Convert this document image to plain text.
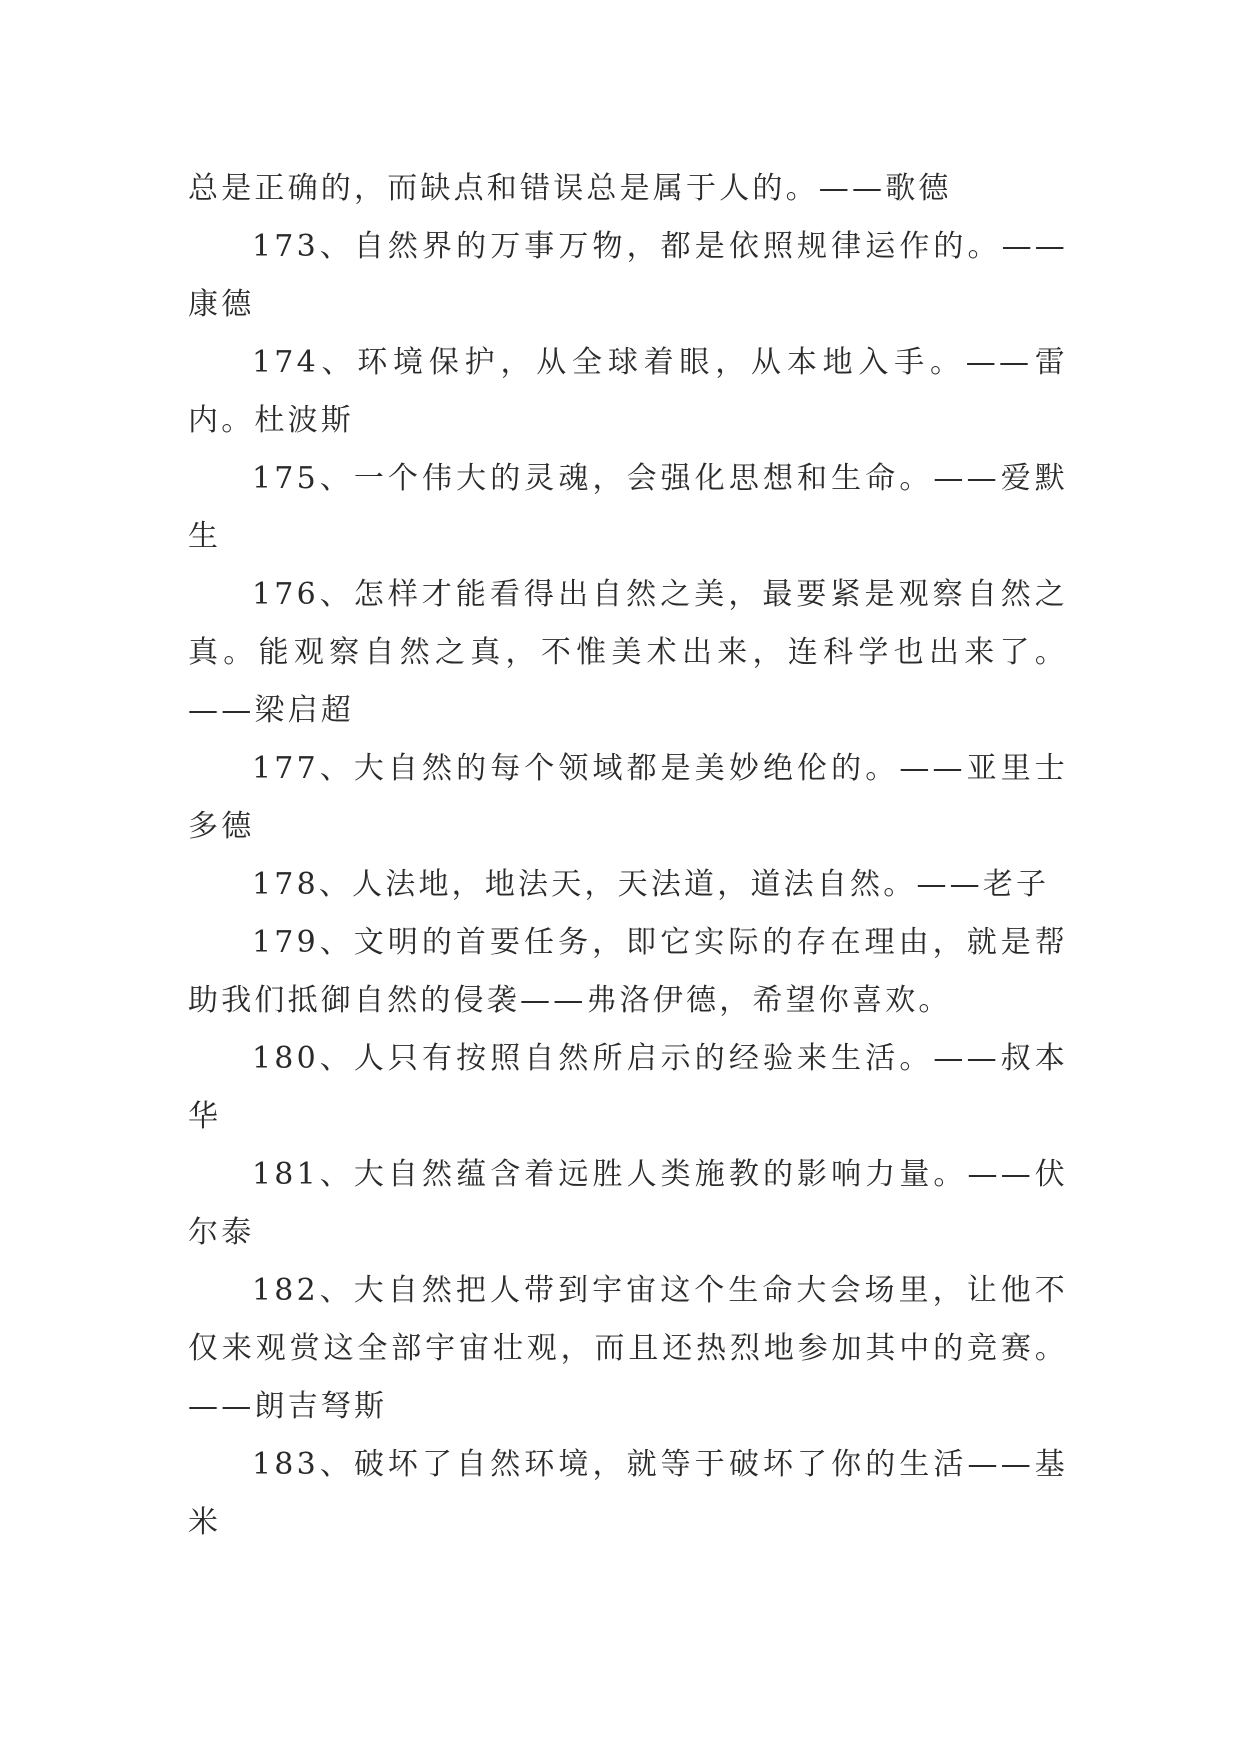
总是正确的，而缺点和错误总是属于人的。——歌德

173、自然界的万事万物，都是依照规律运作的。——康德

174、环境保护，从全球着眼，从本地入手。——雷内。杜波斯

175、一个伟大的灵魂，会强化思想和生命。——爱默生

176、怎样才能看得出自然之美，最要紧是观察自然之真。能观察自然之真，不惟美术出来，连科学也出来了。——梁启超

177、大自然的每个领域都是美妙绝伦的。——亚里士多德

178、人法地，地法天，天法道，道法自然。——老子

179、文明的首要任务，即它实际的存在理由，就是帮助我们抵御自然的侵袭——弗洛伊德，希望你喜欢。

180、人只有按照自然所启示的经验来生活。——叔本华

181、大自然蕴含着远胜人类施教的影响力量。——伏尔泰

182、大自然把人带到宇宙这个生命大会场里，让他不仅来观赏这全部宇宙壮观，而且还热烈地参加其中的竞赛。——朗吉弩斯

183、破坏了自然环境，就等于破坏了你的生活——基米
